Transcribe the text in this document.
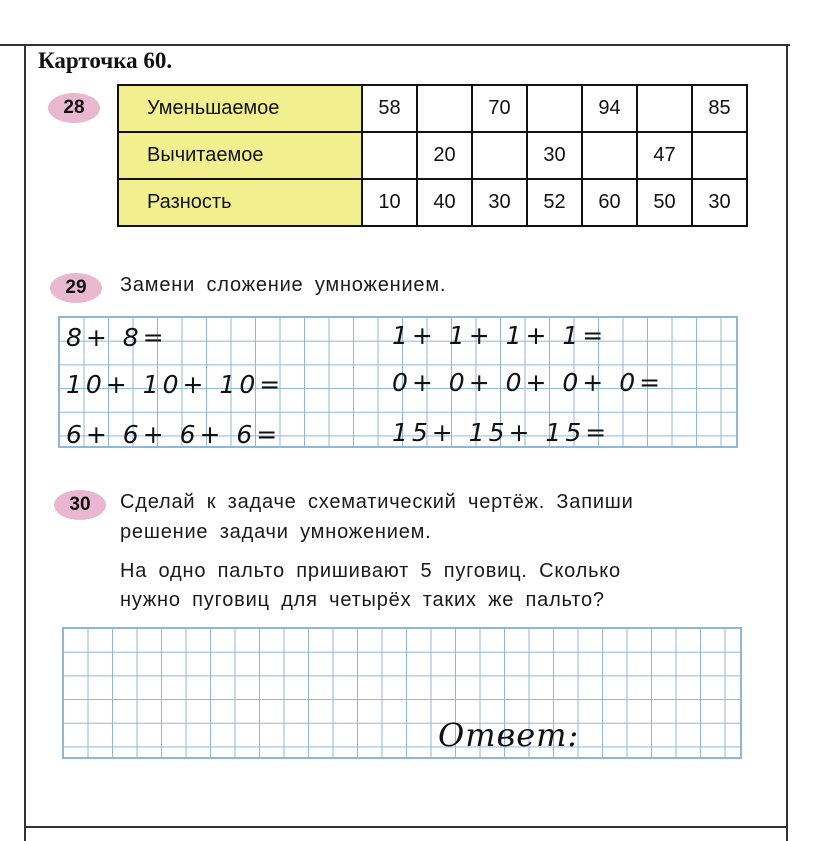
Карточка 60.
28	Уменьшаемое	58		70		94		85
Вычитаемое		20		30		47	
Разность	10	40	30	52	60	50	30
29	Замени сложение умножением.
8+ 8=
10+ 10+ 10=
6+ 6+ 6+ 6=
1+ 1+ 1+ 1=
0+ 0+ 0+ 0+ 0=
15+ 15+ 15=
30	Сделай к задаче схематический чертёж. Запиши
решение задачи умножением.
На одно пальто пришивают 5 пуговиц. Сколько
нужно пуговиц для четырёх таких же пальто?
Ответ:
